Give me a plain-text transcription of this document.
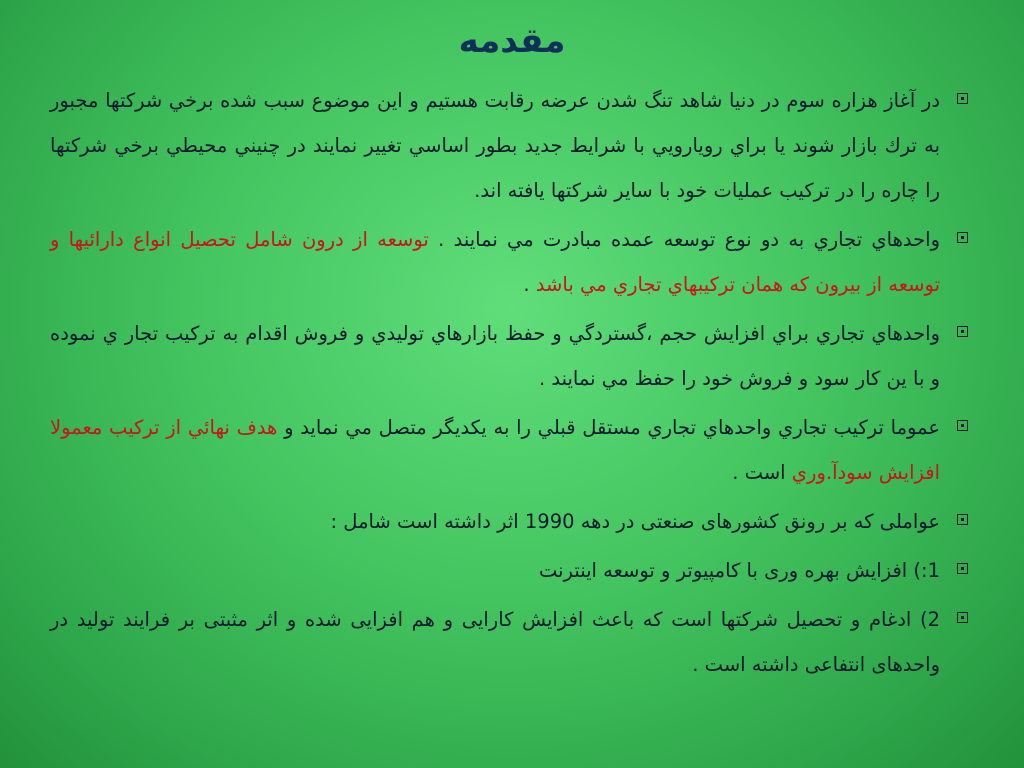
مقدمه
در آغاز هزاره سوم در دنيا شاهد تنگ شدن عرضه رقابت هستيم و اين موضوع سبب شده برخي شركتها مجبور به ترك بازار شوند يا براي رويارويي با شرايط جديد بطور اساسي تغيير نمايند در چنيني محيطي برخي شركتها را چاره را در تركيب عمليات خود با ساير شركتها يافته اند.
واحدهاي تجاري به دو نوع توسعه عمده مبادرت مي نمايند . توسعه از درون شامل تحصيل انواع دارائيها و توسعه از بيرون كه همان تركيبهاي تجاري مي باشد .
واحدهاي تجاري براي افزايش حجم ،گستردگي و حفظ بازارهاي توليدي و فروش اقدام به تركيب تجار ي نموده و با ين كار سود و فروش خود را حفظ مي نمايند .
عموما تركيب تجاري واحدهاي تجاري مستقل قبلي را به يكديگر متصل مي نمايد و هدف نهائي از تركيب معمولا افزايش سودآ.وري است .
عواملی كه بر رونق كشورهای صنعتی در دهه 1990 اثر داشته است شامل :
1:) افزايش بهره وری با كامپيوتر و توسعه اينترنت
2) ادغام و تحصيل شركتها است كه باعث افزايش كارايی و هم افزايی شده و اثر مثبتی بر فرايند توليد در واحدهای انتفاعی داشته است .
